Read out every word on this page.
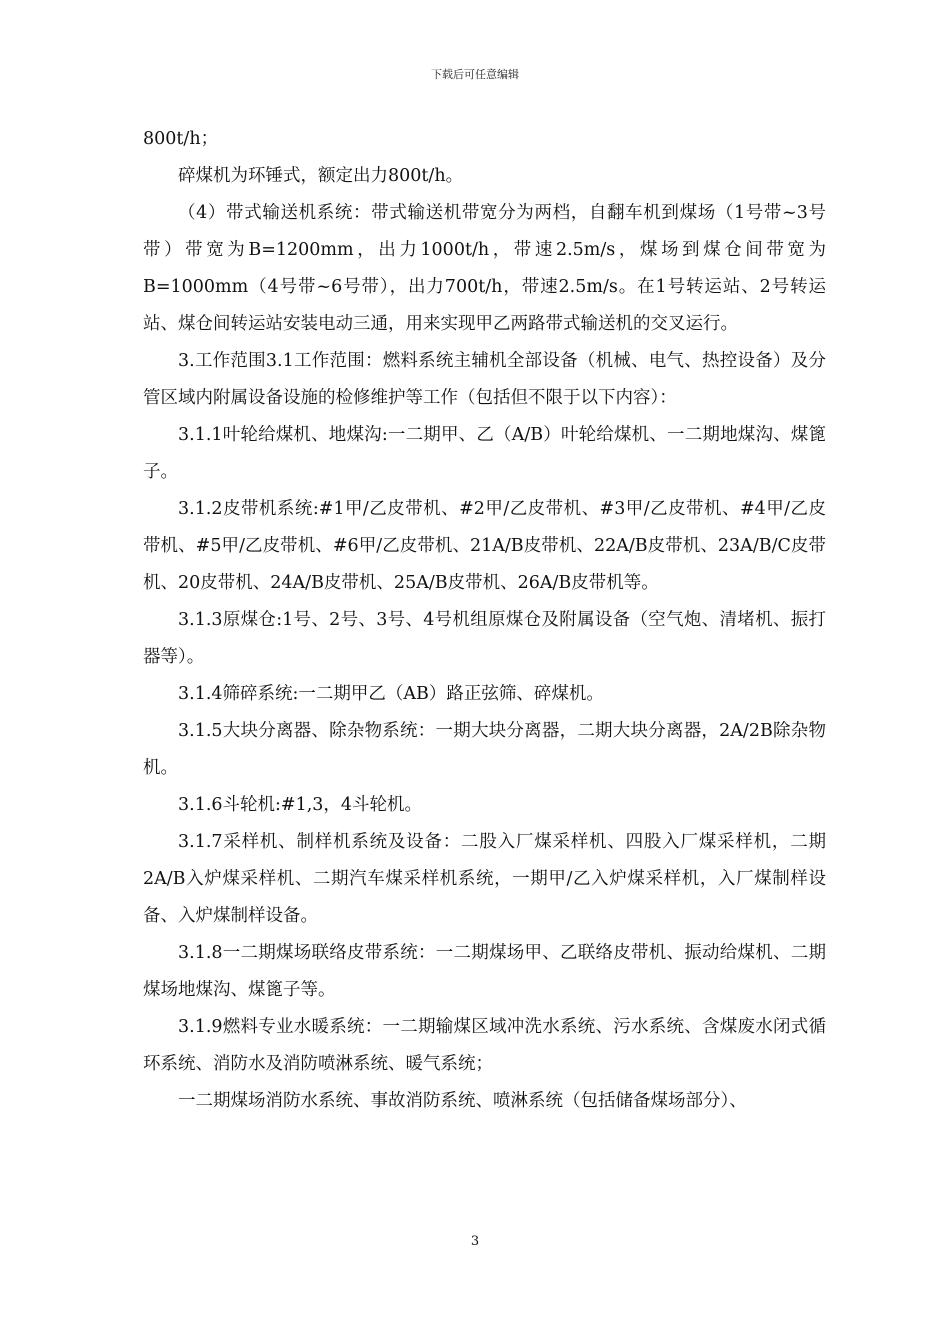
下载后可任意编辑

800t/h；

碎煤机为环锤式，额定出力800t/h。

（4）带式输送机系统：带式输送机带宽分为两档，自翻车机到煤场（1号带~3号带）带宽为B=1200mm，出力1000t/h，带速2.5m/s，煤场到煤仓间带宽为B=1000mm（4号带~6号带），出力700t/h，带速2.5m/s。在1号转运站、2号转运站、煤仓间转运站安装电动三通，用来实现甲乙两路带式输送机的交叉运行。

3.工作范围3.1工作范围：燃料系统主辅机全部设备（机械、电气、热控设备）及分管区域内附属设备设施的检修维护等工作（包括但不限于以下内容）：

3.1.1叶轮给煤机、地煤沟:一二期甲、乙（A/B）叶轮给煤机、一二期地煤沟、煤篦子。

3.1.2皮带机系统:#1甲/乙皮带机、#2甲/乙皮带机、#3甲/乙皮带机、#4甲/乙皮带机、#5甲/乙皮带机、#6甲/乙皮带机、21A/B皮带机、22A/B皮带机、23A/B/C皮带机、20皮带机、24A/B皮带机、25A/B皮带机、26A/B皮带机等。

3.1.3原煤仓:1号、2号、3号、4号机组原煤仓及附属设备（空气炮、清堵机、振打器等）。

3.1.4筛碎系统:一二期甲乙（AB）路正弦筛、碎煤机。

3.1.5大块分离器、除杂物系统：一期大块分离器，二期大块分离器，2A/2B除杂物机。

3.1.6斗轮机:#1,3，4斗轮机。

3.1.7采样机、制样机系统及设备：二股入厂煤采样机、四股入厂煤采样机，二期2A/B入炉煤采样机、二期汽车煤采样机系统，一期甲/乙入炉煤采样机，入厂煤制样设备、入炉煤制样设备。

3.1.8一二期煤场联络皮带系统：一二期煤场甲、乙联络皮带机、振动给煤机、二期煤场地煤沟、煤篦子等。

3.1.9燃料专业水暖系统：一二期输煤区域冲洗水系统、污水系统、含煤废水闭式循环系统、消防水及消防喷淋系统、暖气系统；

一二期煤场消防水系统、事故消防系统、喷淋系统（包括储备煤场部分）、

3
